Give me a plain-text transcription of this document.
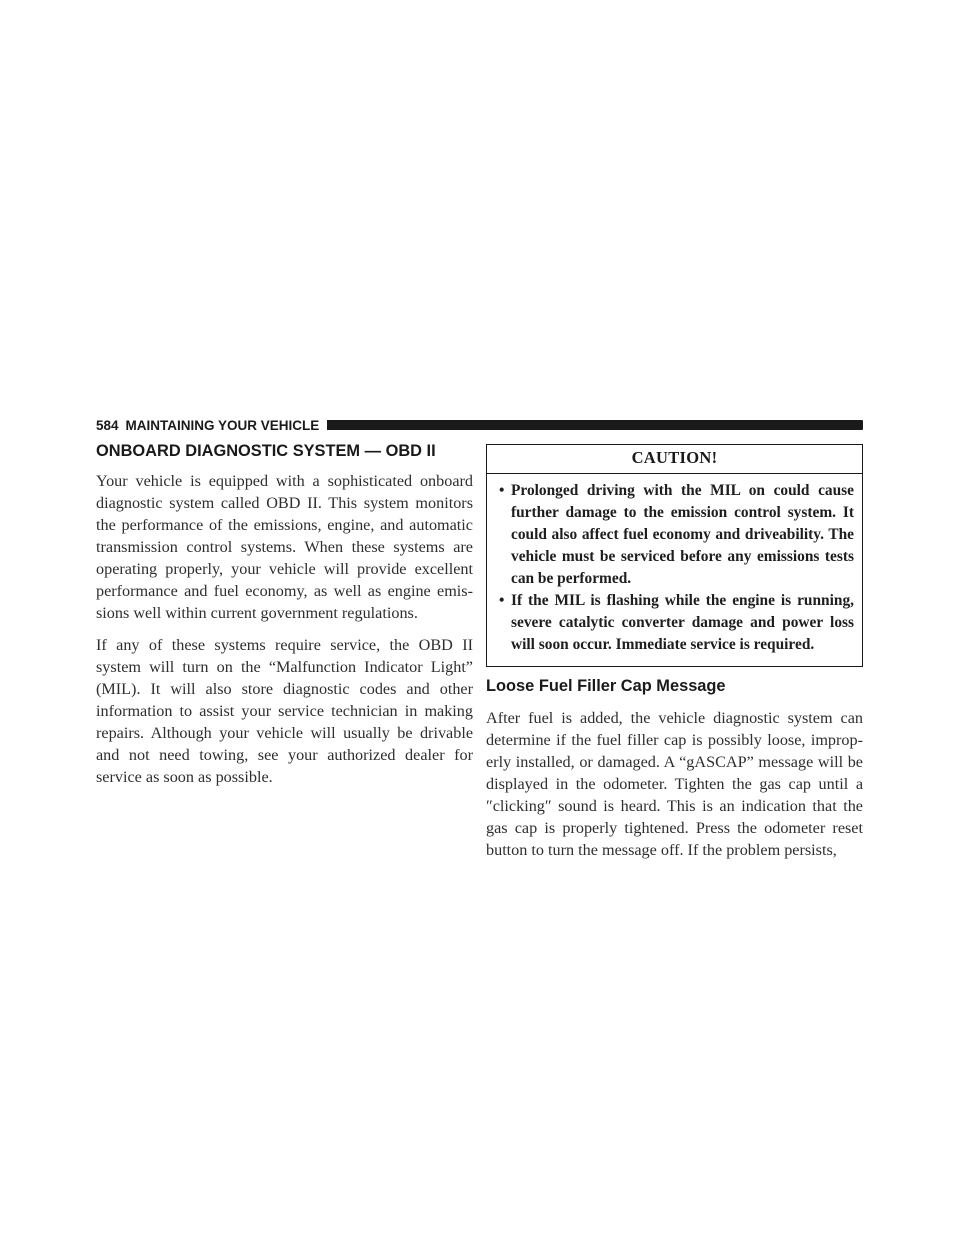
584 MAINTAINING YOUR VEHICLE
ONBOARD DIAGNOSTIC SYSTEM — OBD II

Your vehicle is equipped with a sophisticated onboard diagnostic system called OBD II. This system monitors the performance of the emissions, engine, and automatic transmission control systems. When these systems are operating properly, your vehicle will provide excellent performance and fuel economy, as well as engine emissions well within current government regulations.

If any of these systems require service, the OBD II system will turn on the “Malfunction Indicator Light” (MIL). It will also store diagnostic codes and other information to assist your service technician in making repairs. Although your vehicle will usually be drivable and not need towing, see your authorized dealer for service as soon as possible.

CAUTION!
• Prolonged driving with the MIL on could cause further damage to the emission control system. It could also affect fuel economy and driveability. The vehicle must be serviced before any emissions tests can be performed.
• If the MIL is flashing while the engine is running, severe catalytic converter damage and power loss will soon occur. Immediate service is required.
Loose Fuel Filler Cap Message

After fuel is added, the vehicle diagnostic system can determine if the fuel filler cap is possibly loose, improperly installed, or damaged. A “gASCAP” message will be displayed in the odometer. Tighten the gas cap until a ″clicking″ sound is heard. This is an indication that the gas cap is properly tightened. Press the odometer reset button to turn the message off. If the problem persists,
